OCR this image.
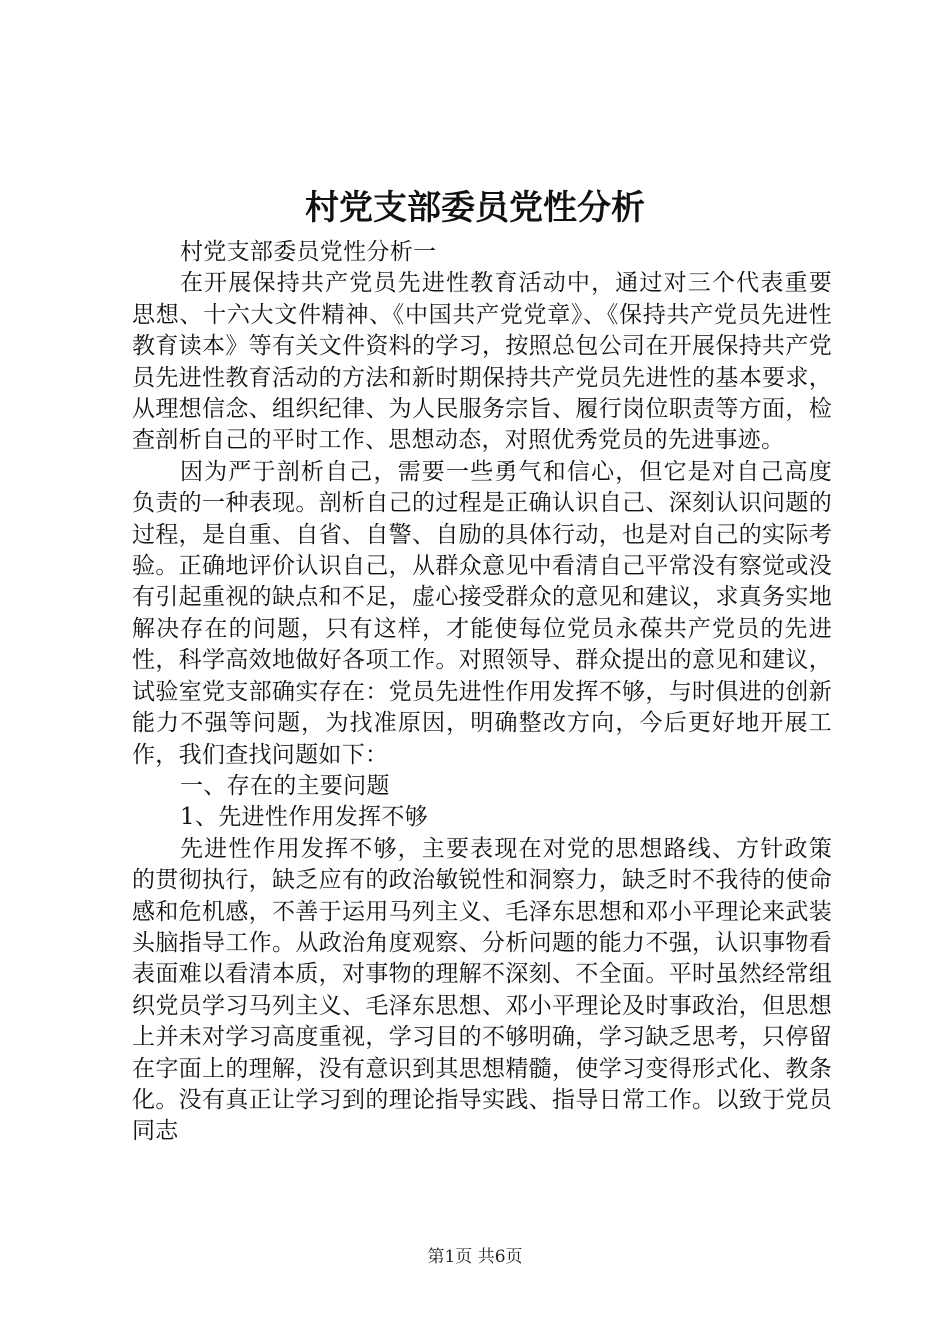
村党支部委员党性分析

村党支部委员党性分析一

在开展保持共产党员先进性教育活动中，通过对三个代表重要思想、十六大文件精神、《中国共产党党章》、《保持共产党员先进性教育读本》等有关文件资料的学习，按照总包公司在开展保持共产党员先进性教育活动的方法和新时期保持共产党员先进性的基本要求，从理想信念、组织纪律、为人民服务宗旨、履行岗位职责等方面，检查剖析自己的平时工作、思想动态，对照优秀党员的先进事迹。

因为严于剖析自己，需要一些勇气和信心，但它是对自己高度负责的一种表现。剖析自己的过程是正确认识自己、深刻认识问题的过程，是自重、自省、自警、自励的具体行动，也是对自己的实际考验。正确地评价认识自己，从群众意见中看清自己平常没有察觉或没有引起重视的缺点和不足，虚心接受群众的意见和建议，求真务实地解决存在的问题，只有这样，才能使每位党员永葆共产党员的先进性，科学高效地做好各项工作。对照领导、群众提出的意见和建议，试验室党支部确实存在：党员先进性作用发挥不够，与时俱进的创新能力不强等问题，为找准原因，明确整改方向，今后更好地开展工作，我们查找问题如下：

一、存在的主要问题

1、先进性作用发挥不够

先进性作用发挥不够，主要表现在对党的思想路线、方针政策的贯彻执行，缺乏应有的政治敏锐性和洞察力，缺乏时不我待的使命感和危机感，不善于运用马列主义、毛泽东思想和邓小平理论来武装头脑指导工作。从政治角度观察、分析问题的能力不强，认识事物看表面难以看清本质，对事物的理解不深刻、不全面。平时虽然经常组织党员学习马列主义、毛泽东思想、邓小平理论及时事政治，但思想上并未对学习高度重视，学习目的不够明确，学习缺乏思考，只停留在字面上的理解，没有意识到其思想精髓，使学习变得形式化、教条化。没有真正让学习到的理论指导实践、指导日常工作。以致于党员同志

第1页 共6页
